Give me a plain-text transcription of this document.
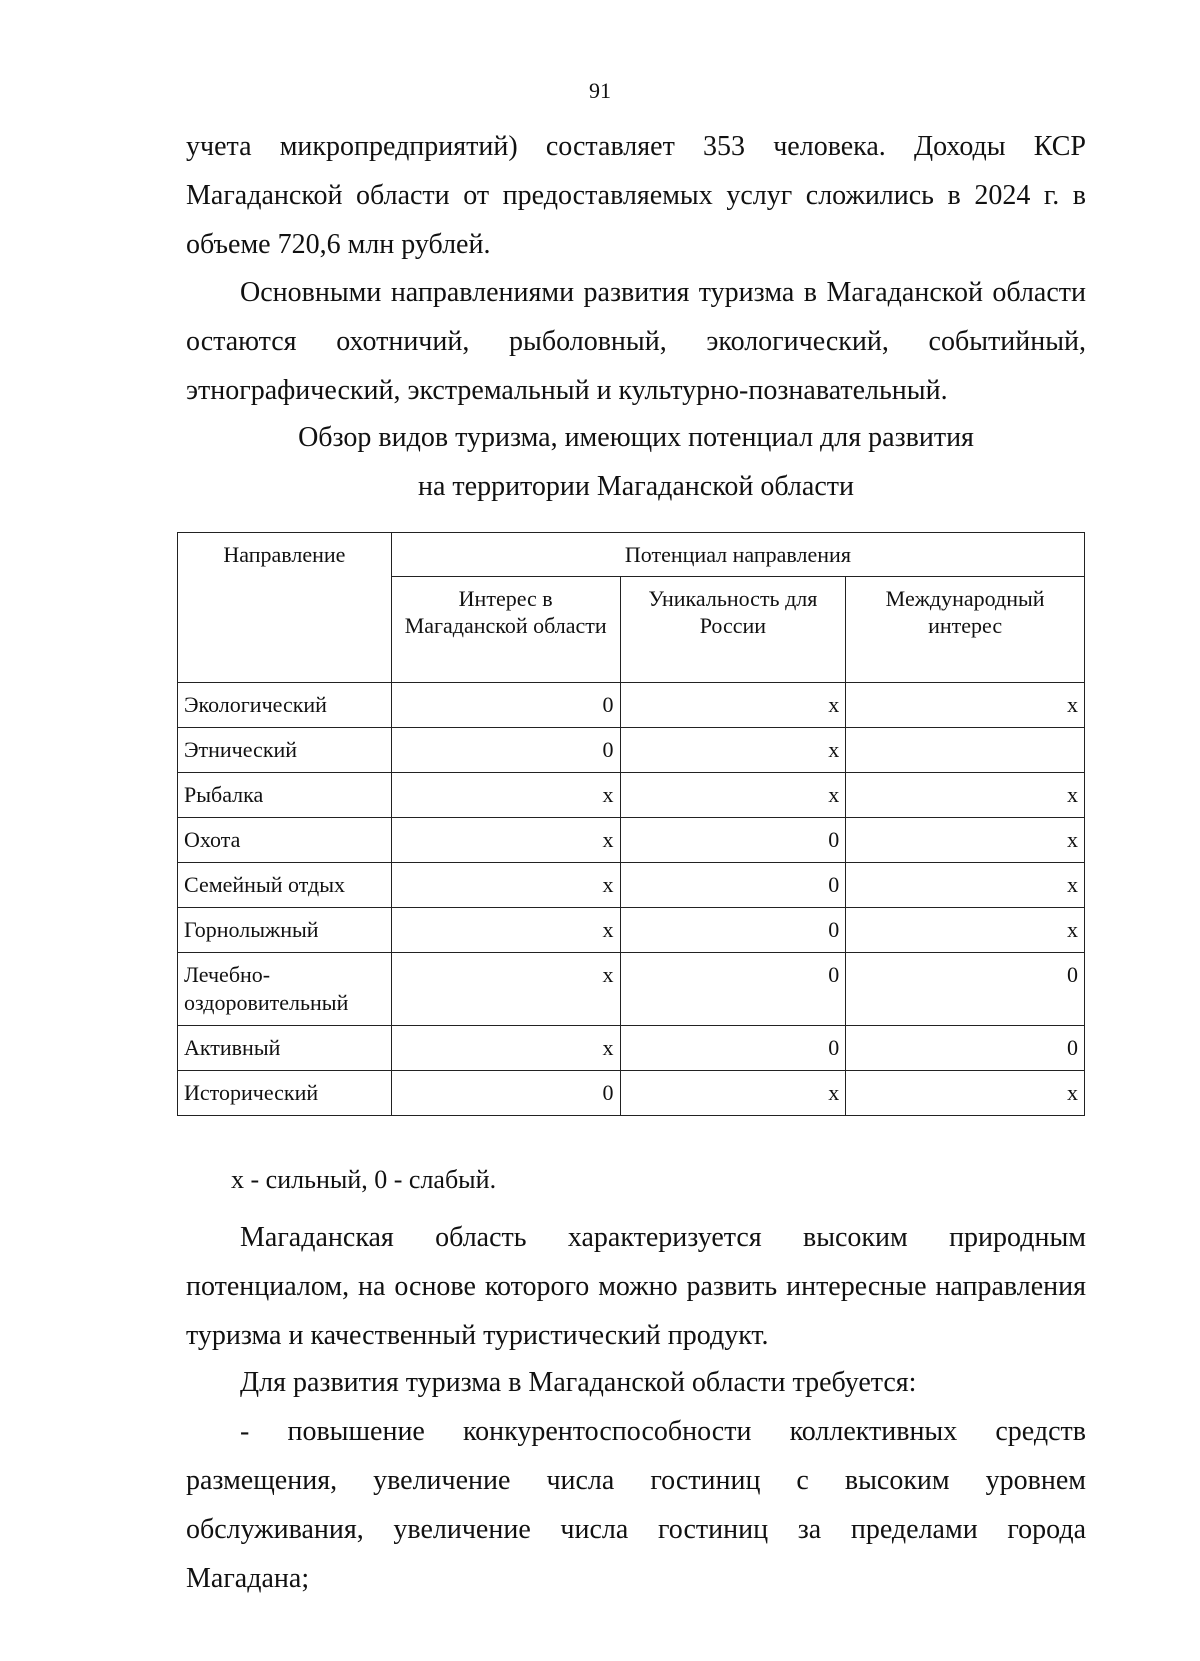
91
учета микропредприятий) составляет 353 человека. Доходы КСР
Магаданской области от предоставляемых услуг сложились в 2024 г. в
объеме 720,6 млн рублей.
Основными направлениями развития туризма в Магаданской области
остаются охотничий, рыболовный, экологический, событийный,
этнографический, экстремальный и культурно-познавательный.
Обзор видов туризма, имеющих потенциал для развития
на территории Магаданской области
Направление	Потенциал направления		
	Интерес в Магаданской области	Уникальность для России	Международный интерес
Экологический	0	х	х
Этнический	0	х	
Рыбалка	х	х	х
Охота	х	0	х
Семейный отдых	х	0	х
Горнолыжный	х	0	х
Лечебно-оздоровительный	х	0	0
Активный	х	0	0
Исторический	0	х	х
х - сильный, 0 - слабый.
Магаданская область характеризуется высоким природным
потенциалом, на основе которого можно развить интересные направления
туризма и качественный туристический продукт.
Для развития туризма в Магаданской области требуется:
- повышение конкурентоспособности коллективных средств
размещения, увеличение числа гостиниц с высоким уровнем
обслуживания, увеличение числа гостиниц за пределами города
Магадана;
